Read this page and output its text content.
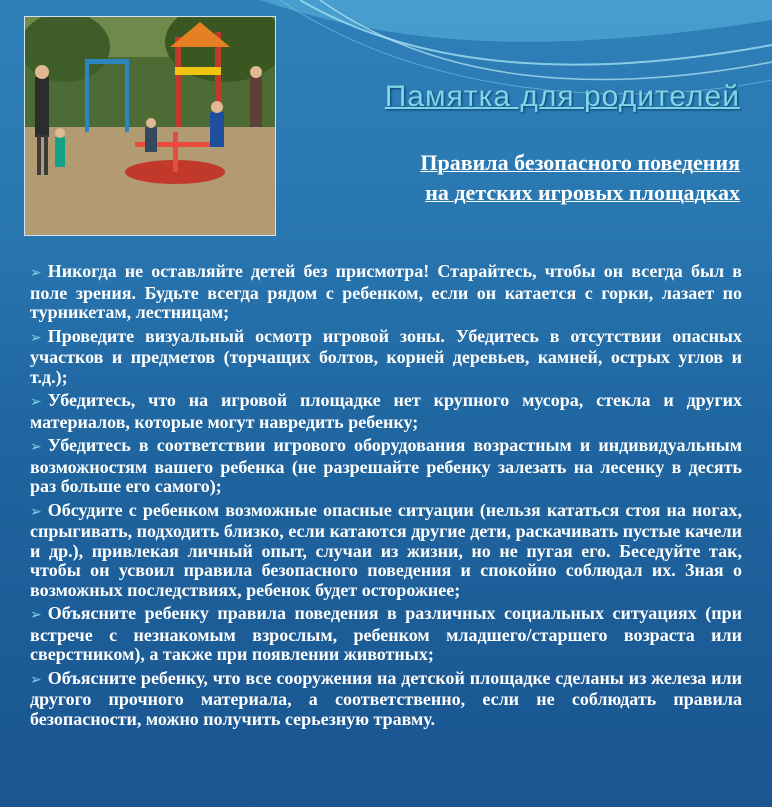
Памятка для родителей
Правила безопасного поведения
на детских игровых площадках
➢ Никогда не оставляйте детей без присмотра! Старайтесь, чтобы он всегда был в поле зрения. Будьте всегда рядом с ребенком, если он катается с горки, лазает по турникетам, лестницам;
➢ Проведите визуальный осмотр игровой зоны. Убедитесь в отсутствии опасных участков и предметов (торчащих болтов, корней деревьев, камней, острых углов и т.д.);
➢ Убедитесь, что на игровой площадке нет крупного мусора, стекла и других материалов, которые могут навредить ребенку;
➢ Убедитесь в соответствии игрового оборудования возрастным и индивидуальным возможностям вашего ребенка (не разрешайте ребенку залезать на лесенку в десять раз больше его самого);
➢ Обсудите с ребенком возможные опасные ситуации (нельзя кататься стоя на ногах, спрыгивать, подходить близко, если катаются другие дети, раскачивать пустые качели и др.), привлекая личный опыт, случаи из жизни, но не пугая его. Беседуйте так, чтобы он усвоил правила безопасного поведения и спокойно соблюдал их. Зная о возможных последствиях, ребенок будет осторожнее;
➢ Объясните ребенку правила поведения в различных социальных ситуациях (при встрече с незнакомым взрослым, ребенком младшего/старшего возраста или сверстником), а также при появлении животных;
➢ Объясните ребенку, что все сооружения на детской площадке сделаны из железа или другого прочного материала, а соответственно, если не соблюдать правила безопасности, можно получить серьезную травму.
